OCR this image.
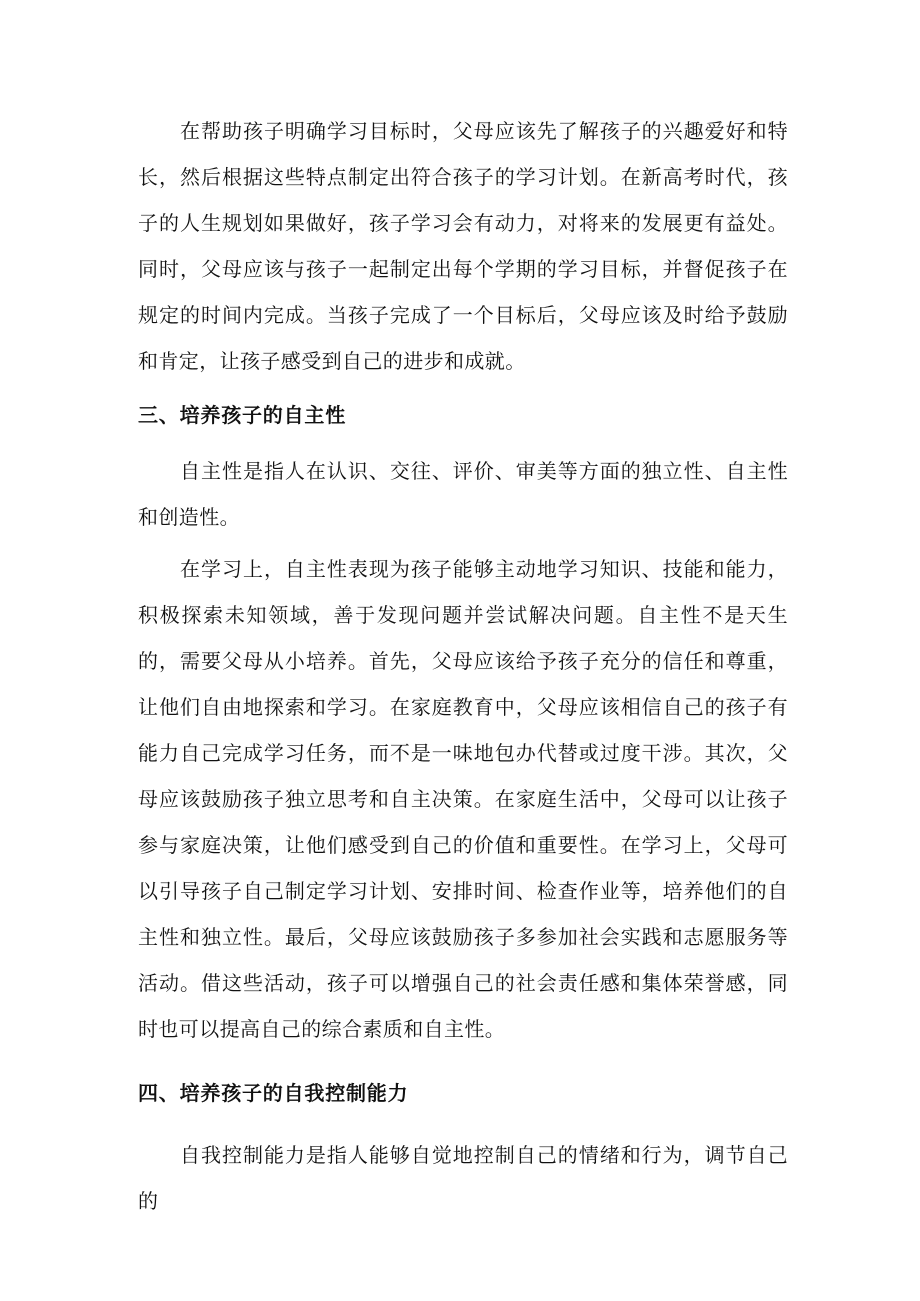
在帮助孩子明确学习目标时，父母应该先了解孩子的兴趣爱好和特长，然后根据这些特点制定出符合孩子的学习计划。在新高考时代，孩子的人生规划如果做好，孩子学习会有动力，对将来的发展更有益处。同时，父母应该与孩子一起制定出每个学期的学习目标，并督促孩子在规定的时间内完成。当孩子完成了一个目标后，父母应该及时给予鼓励和肯定，让孩子感受到自己的进步和成就。

三、培养孩子的自主性

自主性是指人在认识、交往、评价、审美等方面的独立性、自主性和创造性。

在学习上，自主性表现为孩子能够主动地学习知识、技能和能力，积极探索未知领域，善于发现问题并尝试解决问题。自主性不是天生的，需要父母从小培养。首先，父母应该给予孩子充分的信任和尊重，让他们自由地探索和学习。在家庭教育中，父母应该相信自己的孩子有能力自己完成学习任务，而不是一味地包办代替或过度干涉。其次，父母应该鼓励孩子独立思考和自主决策。在家庭生活中，父母可以让孩子参与家庭决策，让他们感受到自己的价值和重要性。在学习上，父母可以引导孩子自己制定学习计划、安排时间、检查作业等，培养他们的自主性和独立性。最后，父母应该鼓励孩子多参加社会实践和志愿服务等活动。借这些活动，孩子可以增强自己的社会责任感和集体荣誉感，同时也可以提高自己的综合素质和自主性。

四、培养孩子的自我控制能力

自我控制能力是指人能够自觉地控制自己的情绪和行为，调节自己的
